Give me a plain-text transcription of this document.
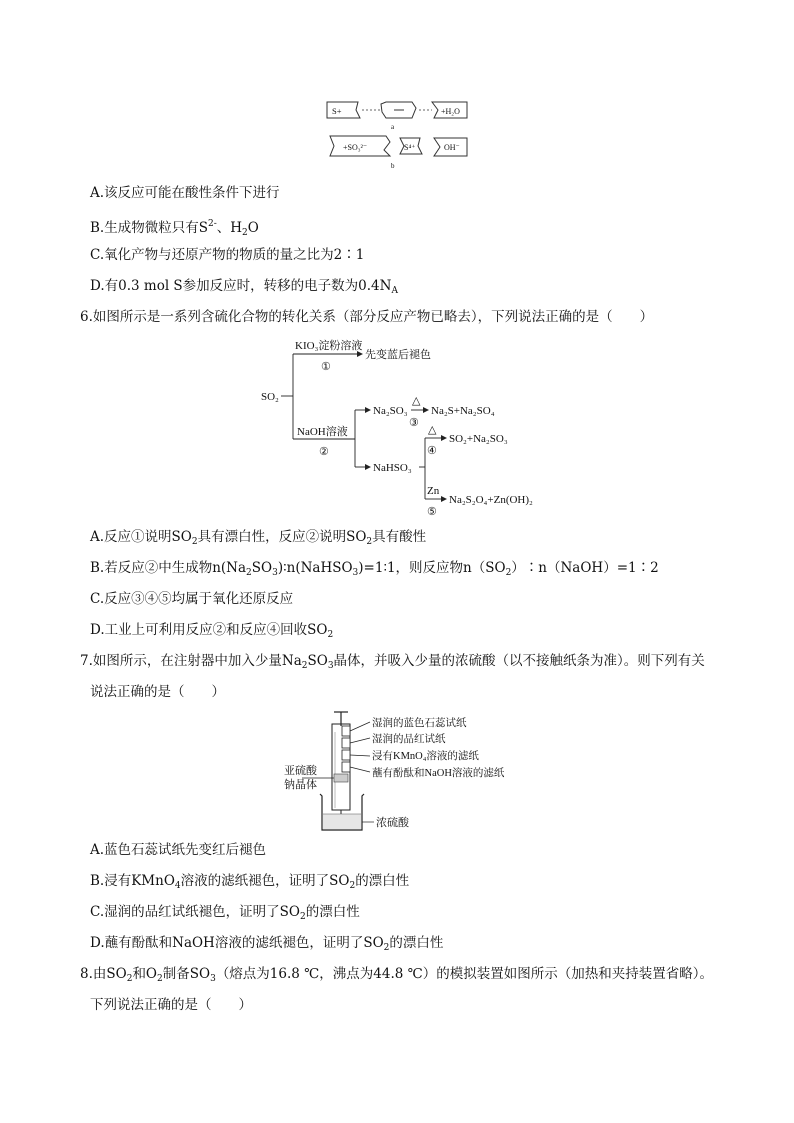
S+	+H₂O
a
+SO₃²⁻	S⁴⁺	OH⁻
b
A.该反应可能在酸性条件下进行
B.生成物微粒只有$S^{2-}$、$H_2O$
C.氧化产物与还原产物的物质的量之比为2∶1
D.有0.3 mol S参加反应时，转移的电子数为$0.4N_A$
6.如图所示是一系列含硫化合物的转化关系（部分反应产物已略去），下列说法正确的是（　　）
SO₂
KIO₃淀粉溶液
①
先变蓝后褪色
NaOH溶液
②
Na₂SO₃
△
③
Na₂S+Na₂SO₄
NaHSO₃
△
④
SO₂+Na₂SO₃
Zn
⑤
Na₂S₂O₄+Zn(OH)₂
A.反应①说明$SO_2$具有漂白性，反应②说明$SO_2$具有酸性
B.若反应②中生成物$n(Na_2SO_3)∶n(NaHSO_3)=1∶1$，则反应物$n(SO_2)∶n(NaOH)=1∶2$
C.反应③④⑤均属于氧化还原反应
D.工业上可利用反应②和反应④回收$SO_2$
7.如图所示，在注射器中加入少量$Na_2SO_3$晶体，并吸入少量的浓硫酸（以不接触纸条为准）。则下列有关
说法正确的是（　　）
湿润的蓝色石蕊试纸
湿润的品红试纸
浸有KMnO₄溶液的滤纸
蘸有酚酞和NaOH溶液的滤纸
亚硫酸
钠晶体
浓硫酸
A.蓝色石蕊试纸先变红后褪色
B.浸有KMnO$_4$溶液的滤纸褪色，证明了$SO_2$的漂白性
C.湿润的品红试纸褪色，证明了$SO_2$的漂白性
D.蘸有酚酞和NaOH溶液的滤纸褪色，证明了$SO_2$的漂白性
8.由$SO_2$和$O_2$制备$SO_3$（熔点为16.8 ℃，沸点为44.8 ℃）的模拟装置如图所示（加热和夹持装置省略）。
下列说法正确的是（　　）
